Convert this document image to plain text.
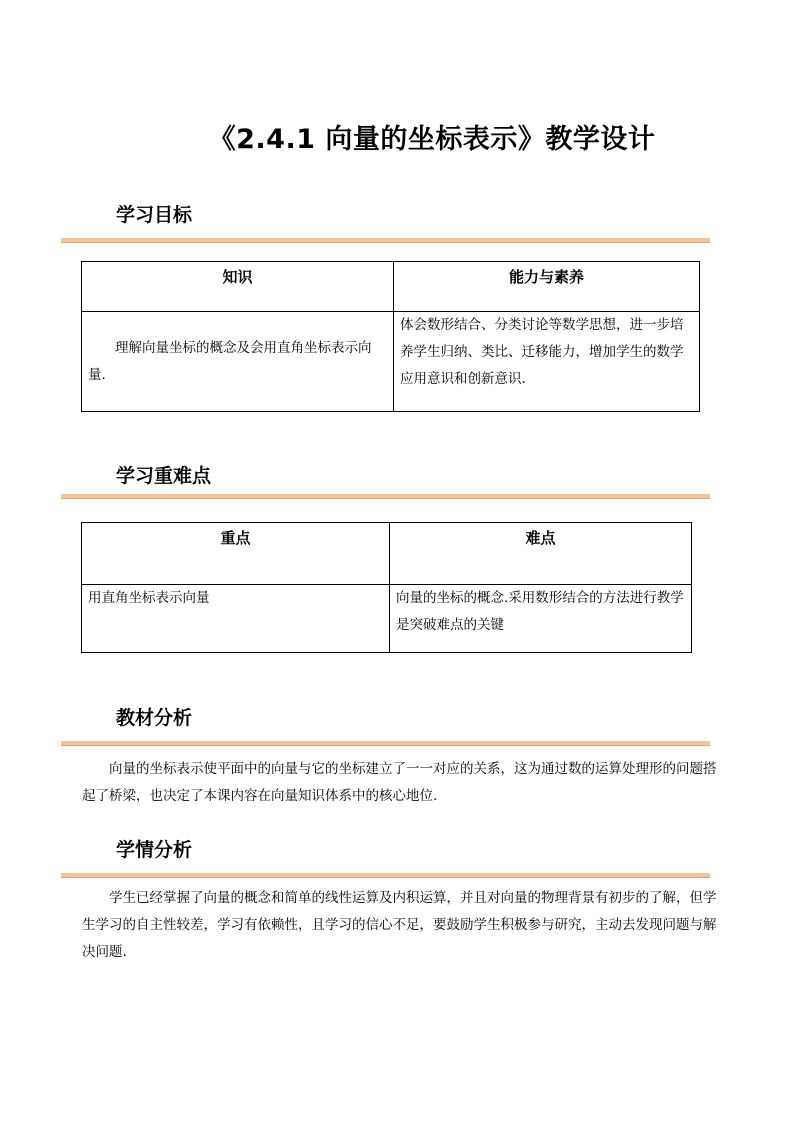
《2.4.1 向量的坐标表示》教学设计
学习目标
知识	能力与素养
理解向量坐标的概念及会用直角坐标表示向量.	体会数形结合、分类讨论等数学思想，进一步培养学生归纳、类比、迁移能力，增加学生的数学应用意识和创新意识.
学习重难点
重点	难点
用直角坐标表示向量	向量的坐标的概念.采用数形结合的方法进行教学是突破难点的关键
教材分析
向量的坐标表示使平面中的向量与它的坐标建立了一一对应的关系，这为通过数的运算处理形的问题搭起了桥梁，也决定了本课内容在向量知识体系中的核心地位.
学情分析
学生已经掌握了向量的概念和简单的线性运算及内积运算，并且对向量的物理背景有初步的了解，但学生学习的自主性较差，学习有依赖性，且学习的信心不足，要鼓励学生积极参与研究，主动去发现问题与解决问题.
